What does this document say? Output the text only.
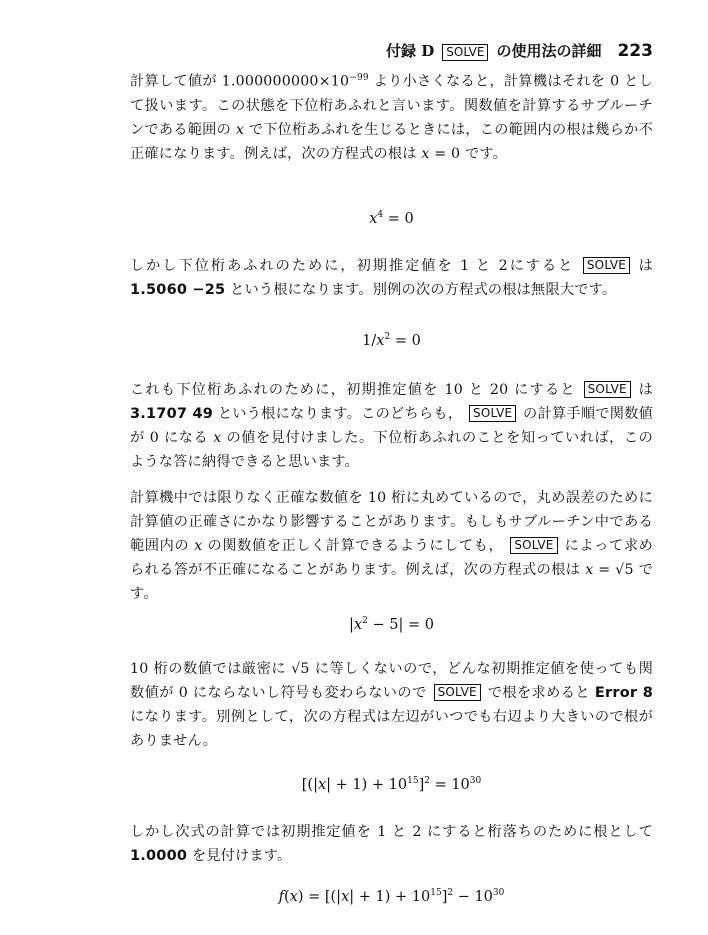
付録 D	SOLVE の使用法の詳細 223
計算して値が $1.000000000\times 10^{-99}$ より小さくなると，計算機はそれを 0 として扱います。この状態を下位桁あふれと言います。関数値を計算するサブルーチンである範囲の x で下位桁あふれを生じるときには，この範囲内の根は幾らか不正確になります。例えば，次の方程式の根は x = 0 です。
$x^4 = 0$
しかし下位桁あふれのために，初期推定値を 1 と 2にすると SOLVE は 1.5060 −25 という根になります。別例の次の方程式の根は無限大です。
$1/x^2 = 0$
これも下位桁あふれのために，初期推定値を 10 と 20 にすると SOLVE は 3.1707 49 という根になります。このどちらも， SOLVE の計算手順で関数値が 0 になる x の値を見付けました。下位桁あふれのことを知っていれば，このような答に納得できると思います。
計算機中では限りなく正確な数値を 10 桁に丸めているので，丸め誤差のために計算値の正確さにかなり影響することがあります。もしもサブルーチン中である範囲内の x の関数値を正しく計算できるようにしても， SOLVE によって求められる答が不正確になることがあります。例えば，次の方程式の根は x = √5 です。
$|x^2 - 5| = 0$
10 桁の数値では厳密に √5 に等しくないので，どんな初期推定値を使っても関数値が 0 にならないし符号も変わらないので SOLVE で根を求めると Error 8 になります。別例として，次の方程式は左辺がいつでも右辺より大きいので根がありません。
$[(|x| + 1) + 10^{15}]^2 = 10^{30}$
しかし次式の計算では初期推定値を 1 と 2 にすると桁落ちのために根として 1.0000 を見付けます。
$f(x) = [(|x| + 1) + 10^{15}]^2 - 10^{30}$
